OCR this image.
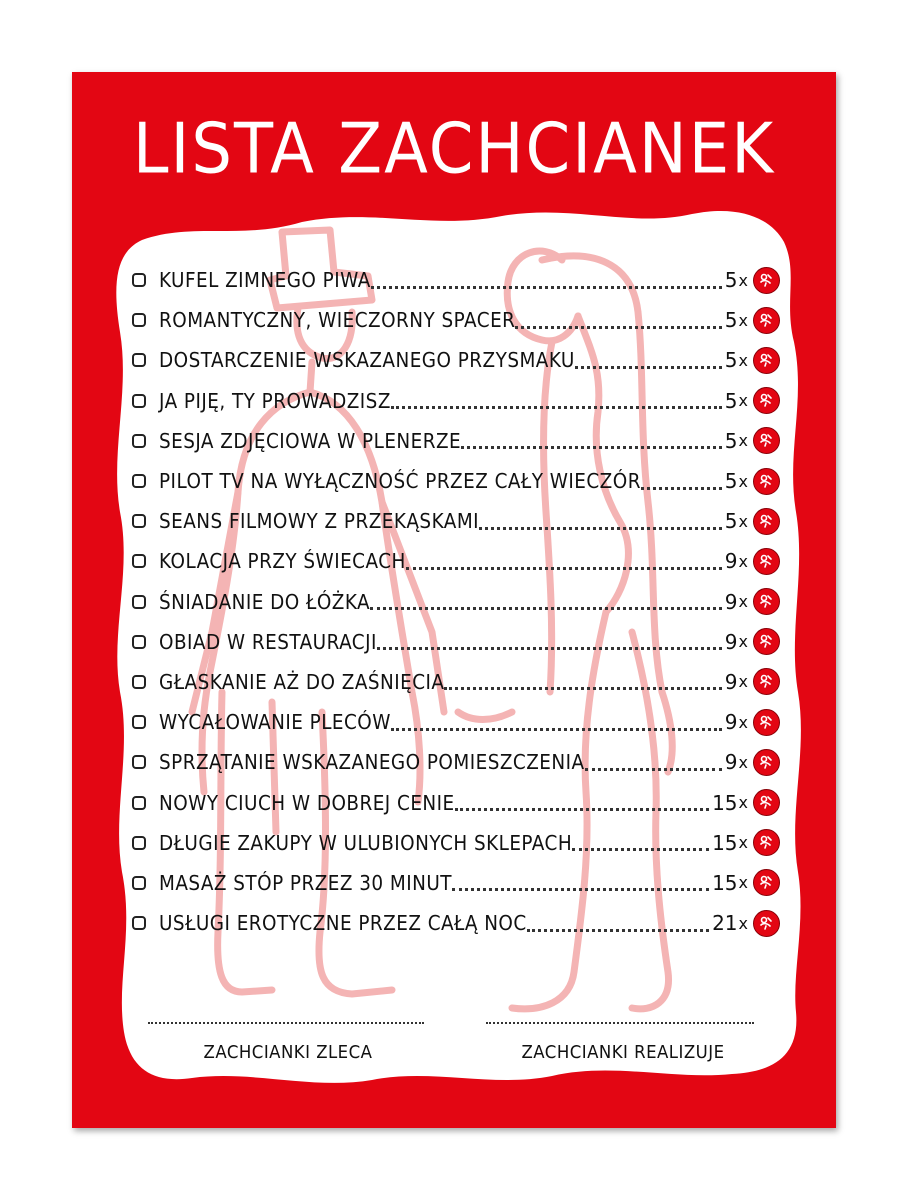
LISTA ZACHCIANEK
KUFEL ZIMNEGO PIWA	5 x
ROMANTYCZNY, WIECZORNY SPACER	5 x
DOSTARCZENIE WSKAZANEGO PRZYSMAKU	5 x
JA PIJĘ, TY PROWADZISZ	5 x
SESJA ZDJĘCIOWA W PLENERZE	5 x
PILOT TV NA WYŁĄCZNOŚĆ PRZEZ CAŁY WIECZÓR	5 x
SEANS FILMOWY Z PRZEKĄSKAMI	5 x
KOLACJA PRZY ŚWIECACH	9 x
ŚNIADANIE DO ŁÓŻKA	9 x
OBIAD W RESTAURACJI	9 x
GŁASKANIE AŻ DO ZAŚNIĘCIA	9 x
WYCAŁOWANIE PLECÓW	9 x
SPRZĄTANIE WSKAZANEGO POMIESZCZENIA	9 x
NOWY CIUCH W DOBREJ CENIE	15 x
DŁUGIE ZAKUPY W ULUBIONYCH SKLEPACH	15 x
MASAŻ STÓP PRZEZ 30 MINUT	15 x
USŁUGI EROTYCZNE PRZEZ CAŁĄ NOC	21 x
ZACHCIANKI ZLECA	ZACHCIANKI REALIZUJE
